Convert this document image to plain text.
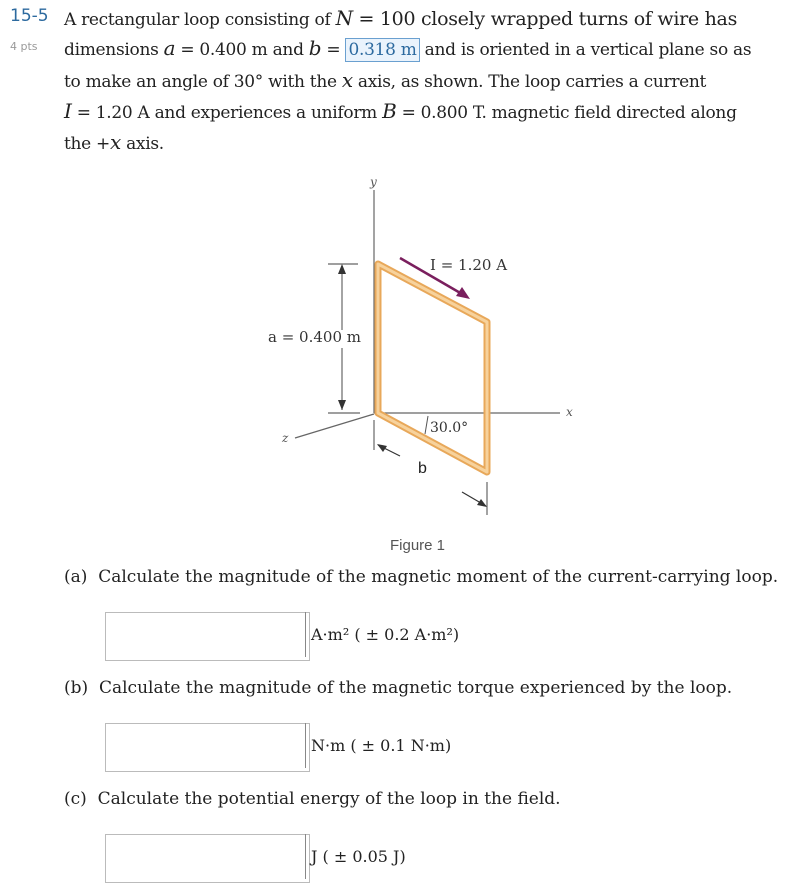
15-5
4 pts
A rectangular loop consisting of N = 100 closely wrapped turns of wire has
dimensions a = 0.400 m and b = 0.318 m and is oriented in a vertical plane so as
to make an angle of 30° with the x axis, as shown. The loop carries a current
I = 1.20 A and experiences a uniform B = 0.800 T. magnetic field directed along
the +x axis.
y
x
z
a = 0.400 m
I = 1.20 A
30.0°
b
Figure 1
(a) Calculate the magnitude of the magnetic moment of the current-carrying loop.
A·m² ( ± 0.2 A·m²)
(b) Calculate the magnitude of the magnetic torque experienced by the loop.
N·m ( ± 0.1 N·m)
(c) Calculate the potential energy of the loop in the field.
J ( ± 0.05 J)
